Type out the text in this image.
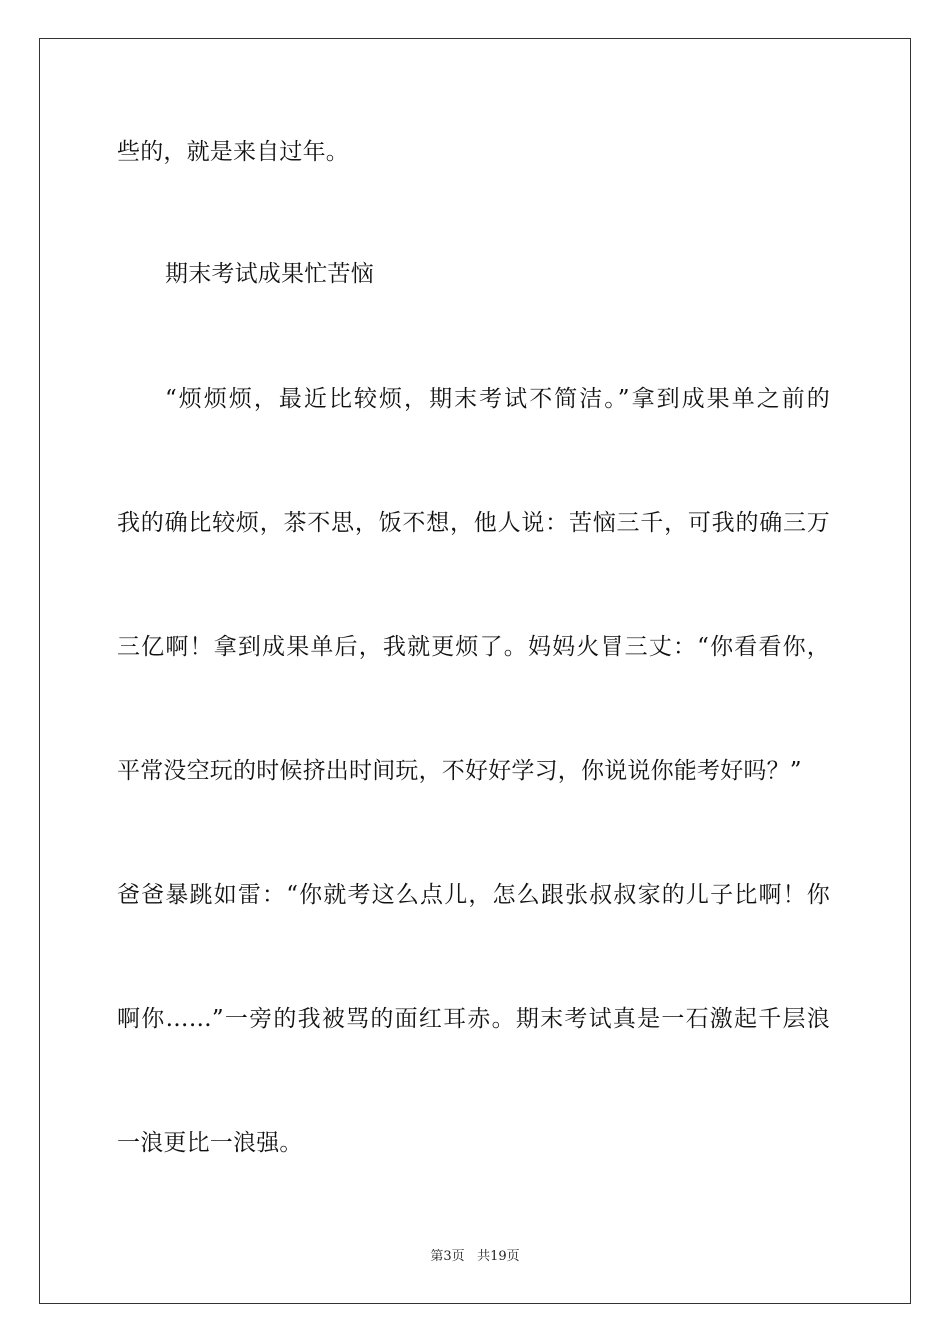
些的，就是来自过年。
期末考试成果忙苦恼
“烦烦烦，最近比较烦，期末考试不简洁。”拿到成果单之前的
我的确比较烦，茶不思，饭不想，他人说：苦恼三千，可我的确三万
三亿啊！拿到成果单后，我就更烦了。妈妈火冒三丈：“你看看你，
平常没空玩的时候挤出时间玩，不好好学习，你说说你能考好吗？”
爸爸暴跳如雷：“你就考这么点儿，怎么跟张叔叔家的儿子比啊！你
啊你……”一旁的我被骂的面红耳赤。期末考试真是一石激起千层浪
一浪更比一浪强。
第3页 共19页
